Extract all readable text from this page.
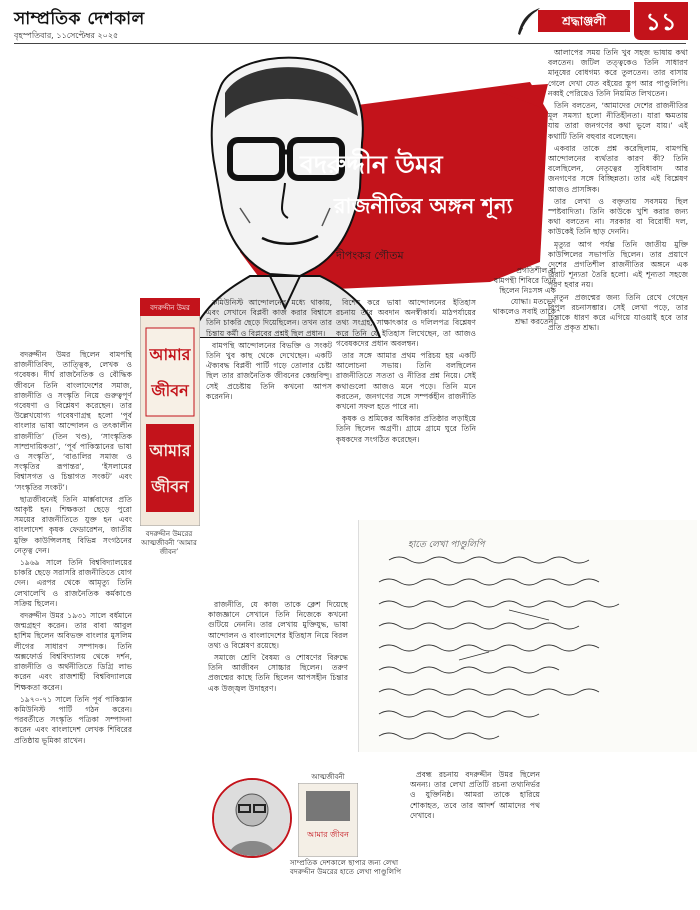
সাম্প্রতিক দেশকাল
বৃহস্পতিবার, ১১সেপ্টেম্বর ২০২৫
শ্রদ্ধাঞ্জলী	১১
বদরুদ্দীন উমর
রাজনীতির অঙ্গন শূন্য
দীপংকর গৌতম

বদরুদ্দীন উমর ছিলেন বামপন্থি রাজনীতিবিদ, তাত্ত্বিক, লেখক ও গবেষক। দীর্ঘ রাজনৈতিক ও বৌদ্ধিক জীবনে তিনি বাংলাদেশের সমাজ, রাজনীতি ও সংস্কৃতি নিয়ে গুরুত্বপূর্ণ গবেষণা ও বিশ্লেষণ করেছেন। তার উল্লেখযোগ্য গবেষণাগ্রন্থ হলো ‘পূর্ব বাংলার ভাষা আন্দোলন ও তৎকালীন রাজনীতি’ (তিন খণ্ড), ‘সাংস্কৃতিক সাম্প্রদায়িকতা’, ‘পূর্ব পাকিস্তানের ভাষা ও সংস্কৃতি’, ‘বাঙালির সমাজ ও সংস্কৃতির রূপান্তর’, ‘ইসলামের বিশ্বাসগত ও চিন্তাগত সংকট’ এবং ‘সংস্কৃতির সংকট’।

ছাত্রজীবনেই তিনি মার্ক্সবাদের প্রতি আকৃষ্ট হন। শিক্ষকতা ছেড়ে পুরো সময়ের রাজনীতিতে যুক্ত হন এবং বাংলাদেশ কৃষক ফেডারেশন, জাতীয় মুক্তি কাউন্সিলসহ বিভিন্ন সংগঠনের নেতৃত্ব দেন।

১৯৬৯ সালে তিনি বিশ্ববিদ্যালয়ের চাকরি ছেড়ে সরাসরি রাজনীতিতে যোগ দেন। এরপর থেকে আমৃত্যু তিনি লেখালেখি ও রাজনৈতিক কর্মকাণ্ডে সক্রিয় ছিলেন।

বদরুদ্দীন উমর ১৯৩১ সালে বর্ধমানে জন্মগ্রহণ করেন। তার বাবা আবুল হাশিম ছিলেন অবিভক্ত বাংলার মুসলিম লীগের সাধারণ সম্পাদক। তিনি অক্সফোর্ড বিশ্ববিদ্যালয় থেকে দর্শন, রাজনীতি ও অর্থনীতিতে ডিগ্রি লাভ করেন এবং রাজশাহী বিশ্ববিদ্যালয়ে শিক্ষকতা করেন।

১৯৭০-৭১ সালে তিনি পূর্ব পাকিস্তান কমিউনিস্ট পার্টি গঠন করেন। পরবর্তীতে সংস্কৃতি পত্রিকা সম্পাদনা করেন এবং বাংলাদেশ লেখক শিবিরের প্রতিষ্ঠায় ভূমিকা রাখেন।

বদরুদ্দীন উমর
আমার
জীবন
আমার
জীবন
বদরুদ্দীন উমরের আত্মজীবনী ‘আমার জীবন’

কমিউনিস্ট আন্দোলনের মধ্যে থাকায়, এবং সেখানে বিপ্লবী কাজ করার বিশ্বাসে তিনি চাকরি ছেড়ে দিয়েছিলেন। তখন তার চিন্তায় কর্মী ও বিপ্লবের প্রশ্নই ছিল প্রধান।

বামপন্থি আন্দোলনের বিভক্তি ও সংকট তিনি খুব কাছ থেকে দেখেছেন। একটি ঐক্যবদ্ধ বিপ্লবী পার্টি গড়ে তোলার চেষ্টা ছিল তার রাজনৈতিক জীবনের কেন্দ্রবিন্দু। সেই প্রচেষ্টায় তিনি কখনো আপস করেননি।

রাজনীতি, যে কাজ তাকে ক্লেশ দিয়েছে কাজজ্ঞানে সেখানে তিনি নিজেকে কখনো গুটিয়ে নেননি। তার লেখায় মুক্তিযুদ্ধ, ভাষা আন্দোলন ও বাংলাদেশের ইতিহাস নিয়ে বিরল তথ্য ও বিশ্লেষণ রয়েছে।

সমাজে শ্রেণি বৈষম্য ও শোষণের বিরুদ্ধে তিনি আজীবন সোচ্চার ছিলেন। তরুণ প্রজন্মের কাছে তিনি ছিলেন আপসহীন চিন্তার এক উজ্জ্বল উদাহরণ।

বিশেষ করে ভাষা আন্দোলনের ইতিহাস রচনায় তার অবদান অনস্বীকার্য। মাঠপর্যায়ের তথ্য সংগ্রহ, সাক্ষাৎকার ও দলিলপত্র বিশ্লেষণ করে তিনি যে ইতিহাস লিখেছেন, তা আজও গবেষকদের প্রধান অবলম্বন।

তার সঙ্গে আমার প্রথম পরিচয় হয় একটি আলোচনা সভায়। তিনি বলছিলেন রাজনীতিতে সততা ও নীতির প্রশ্ন নিয়ে। সেই কথাগুলো আজও মনে পড়ে। তিনি মনে করতেন, জনগণের সঙ্গে সম্পর্কহীন রাজনীতি কখনো সফল হতে পারে না।

কৃষক ও শ্রমিকের অধিকার প্রতিষ্ঠার লড়াইয়ে তিনি ছিলেন অগ্রণী। গ্রামে গ্রামে ঘুরে তিনি কৃষকদের সংগঠিত করেছেন।

প্রগতিশীল বা বামপন্থী শিবিরে তিনি ছিলেন নিঃসঙ্গ এক যোদ্ধা। মতভেদ থাকলেও সবাই তাকে শ্রদ্ধা করতেন।

আলাপের সময় তিনি খুব সহজ ভাষায় কথা বলতেন। জটিল তত্ত্বকেও তিনি সাধারণ মানুষের বোধগম্য করে তুলতেন। তার বাসায় গেলে দেখা যেত বইয়ের স্তূপ আর পাণ্ডুলিপি। নব্বই পেরিয়েও তিনি নিয়মিত লিখতেন।

তিনি বলতেন, ‘আমাদের দেশের রাজনীতির মূল সমস্যা হলো নীতিহীনতা। যারা ক্ষমতায় যায় তারা জনগণের কথা ভুলে যায়।’ এই কথাটি তিনি বহুবার বলেছেন।

একবার তাকে প্রশ্ন করেছিলাম, বামপন্থি আন্দোলনের ব্যর্থতার কারণ কী? তিনি বলেছিলেন, নেতৃত্বের সুবিধাবাদ আর জনগণের সঙ্গে বিচ্ছিন্নতা। তার এই বিশ্লেষণ আজও প্রাসঙ্গিক।

তার লেখা ও বক্তৃতায় সবসময় ছিল স্পষ্টবাদিতা। তিনি কাউকে খুশি করার জন্য কথা বলতেন না। সরকার বা বিরোধী দল, কাউকেই তিনি ছাড় দেননি।

মৃত্যুর আগ পর্যন্ত তিনি জাতীয় মুক্তি কাউন্সিলের সভাপতি ছিলেন। তার প্রয়াণে দেশের প্রগতিশীল রাজনীতির অঙ্গনে এক বিরাট শূন্যতা তৈরি হলো। এই শূন্যতা সহজে পূরণ হবার নয়।

নতুন প্রজন্মের জন্য তিনি রেখে গেছেন বিপুল রচনাসম্ভার। সেই লেখা পড়ে, তার চিন্তাকে ধারণ করে এগিয়ে যাওয়াই হবে তার প্রতি প্রকৃত শ্রদ্ধা।

হাতে লেখা পাণ্ডুলিপি

প্রবন্ধ রচনায় বদরুদ্দীন উমর ছিলেন অনন্য। তার লেখা প্রতিটি রচনা তথ্যনির্ভর ও যুক্তিনিষ্ঠ। আমরা তাকে হারিয়ে শোকাহত, তবে তার আদর্শ আমাদের পথ দেখাবে।

আত্মজীবনী
আমার জীবন
সাম্প্রতিক দেশকালে ছাপার জন্য লেখা বদরুদ্দীন উমরের হাতে লেখা পাণ্ডুলিপি
